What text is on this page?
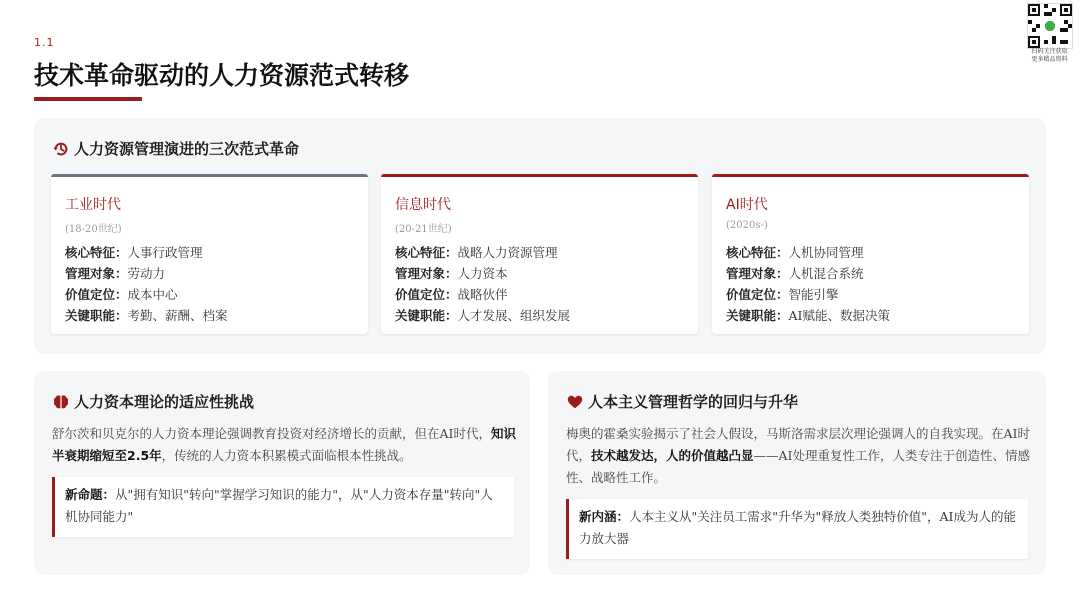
1.1
技术革命驱动的人力资源范式转移
扫码关注获取
更多精品资料
人力资源管理演进的三次范式革命
工业时代
(18-20世纪)
核心特征：人事行政管理
管理对象：劳动力
价值定位：成本中心
关键职能：考勤、薪酬、档案
信息时代
(20-21世纪)
核心特征：战略人力资源管理
管理对象：人力资本
价值定位：战略伙伴
关键职能：人才发展、组织发展
AI时代
(2020s-)
核心特征：人机协同管理
管理对象：人机混合系统
价值定位：智能引擎
关键职能：AI赋能、数据决策
人力资本理论的适应性挑战
舒尔茨和贝克尔的人力资本理论强调教育投资对经济增长的贡献，但在AI时代，知识半衰期缩短至2.5年，传统的人力资本积累模式面临根本性挑战。
新命题：从"拥有知识"转向"掌握学习知识的能力"，从"人力资本存量"转向"人机协同能力"
人本主义管理哲学的回归与升华
梅奥的霍桑实验揭示了社会人假设，马斯洛需求层次理论强调人的自我实现。在AI时代，技术越发达，人的价值越凸显——AI处理重复性工作，人类专注于创造性、情感性、战略性工作。
新内涵：人本主义从"关注员工需求"升华为"释放人类独特价值"，AI成为人的能力放大器
